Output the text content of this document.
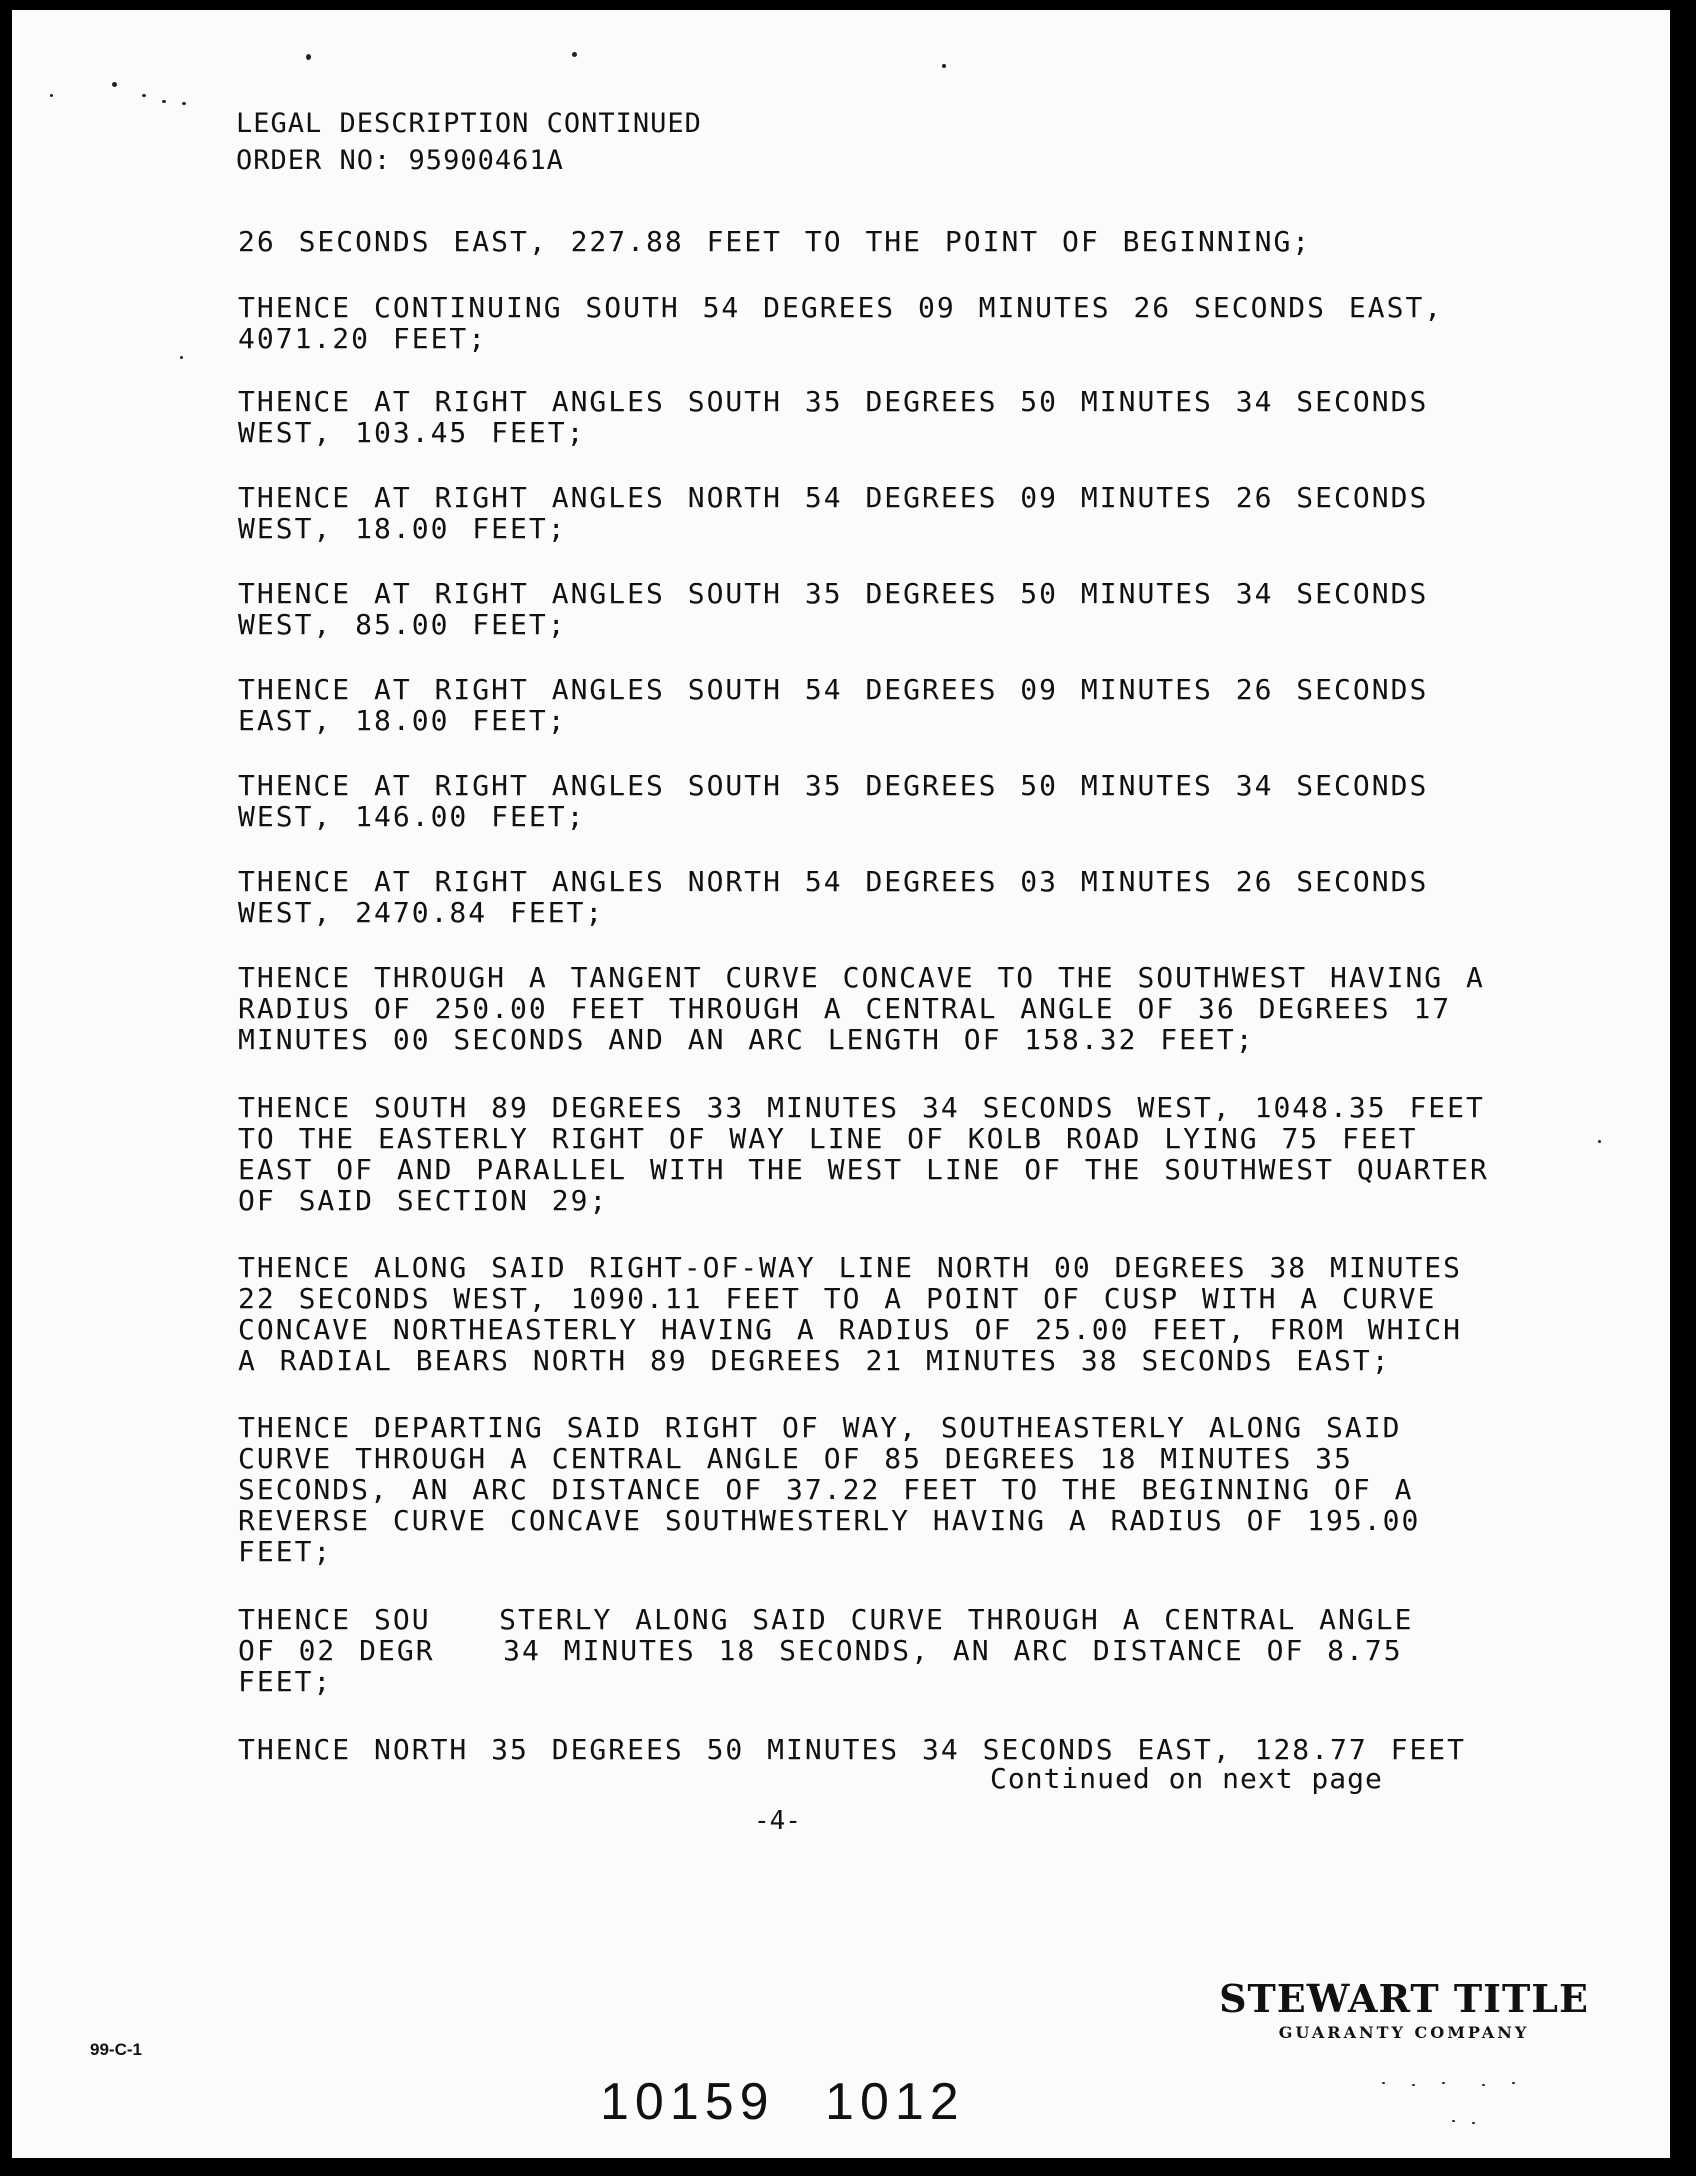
LEGAL DESCRIPTION CONTINUED
ORDER NO: 95900461A
26 SECONDS EAST, 227.88 FEET TO THE POINT OF BEGINNING;
THENCE CONTINUING SOUTH 54 DEGREES 09 MINUTES 26 SECONDS EAST,
4071.20 FEET;
THENCE AT RIGHT ANGLES SOUTH 35 DEGREES 50 MINUTES 34 SECONDS
WEST, 103.45 FEET;
THENCE AT RIGHT ANGLES NORTH 54 DEGREES 09 MINUTES 26 SECONDS
WEST, 18.00 FEET;
THENCE AT RIGHT ANGLES SOUTH 35 DEGREES 50 MINUTES 34 SECONDS
WEST, 85.00 FEET;
THENCE AT RIGHT ANGLES SOUTH 54 DEGREES 09 MINUTES 26 SECONDS
EAST, 18.00 FEET;
THENCE AT RIGHT ANGLES SOUTH 35 DEGREES 50 MINUTES 34 SECONDS
WEST, 146.00 FEET;
THENCE AT RIGHT ANGLES NORTH 54 DEGREES 03 MINUTES 26 SECONDS
WEST, 2470.84 FEET;
THENCE THROUGH A TANGENT CURVE CONCAVE TO THE SOUTHWEST HAVING A
RADIUS OF 250.00 FEET THROUGH A CENTRAL ANGLE OF 36 DEGREES 17
MINUTES 00 SECONDS AND AN ARC LENGTH OF 158.32 FEET;
THENCE SOUTH 89 DEGREES 33 MINUTES 34 SECONDS WEST, 1048.35 FEET
TO THE EASTERLY RIGHT OF WAY LINE OF KOLB ROAD LYING 75 FEET
EAST OF AND PARALLEL WITH THE WEST LINE OF THE SOUTHWEST QUARTER
OF SAID SECTION 29;
THENCE ALONG SAID RIGHT-OF-WAY LINE NORTH 00 DEGREES 38 MINUTES
22 SECONDS WEST, 1090.11 FEET TO A POINT OF CUSP WITH A CURVE
CONCAVE NORTHEASTERLY HAVING A RADIUS OF 25.00 FEET, FROM WHICH
A RADIAL BEARS NORTH 89 DEGREES 21 MINUTES 38 SECONDS EAST;
THENCE DEPARTING SAID RIGHT OF WAY, SOUTHEASTERLY ALONG SAID
CURVE THROUGH A CENTRAL ANGLE OF 85 DEGREES 18 MINUTES 35
SECONDS, AN ARC DISTANCE OF 37.22 FEET TO THE BEGINNING OF A
REVERSE CURVE CONCAVE SOUTHWESTERLY HAVING A RADIUS OF 195.00
FEET;
THENCE SOU   STERLY ALONG SAID CURVE THROUGH A CENTRAL ANGLE
OF 02 DEGR   34 MINUTES 18 SECONDS, AN ARC DISTANCE OF 8.75
FEET;
THENCE NORTH 35 DEGREES 50 MINUTES 34 SECONDS EAST, 128.77 FEET
Continued on next page
-4-
STEWART TITLE
GUARANTY COMPANY
99-C-1
10159 1012
